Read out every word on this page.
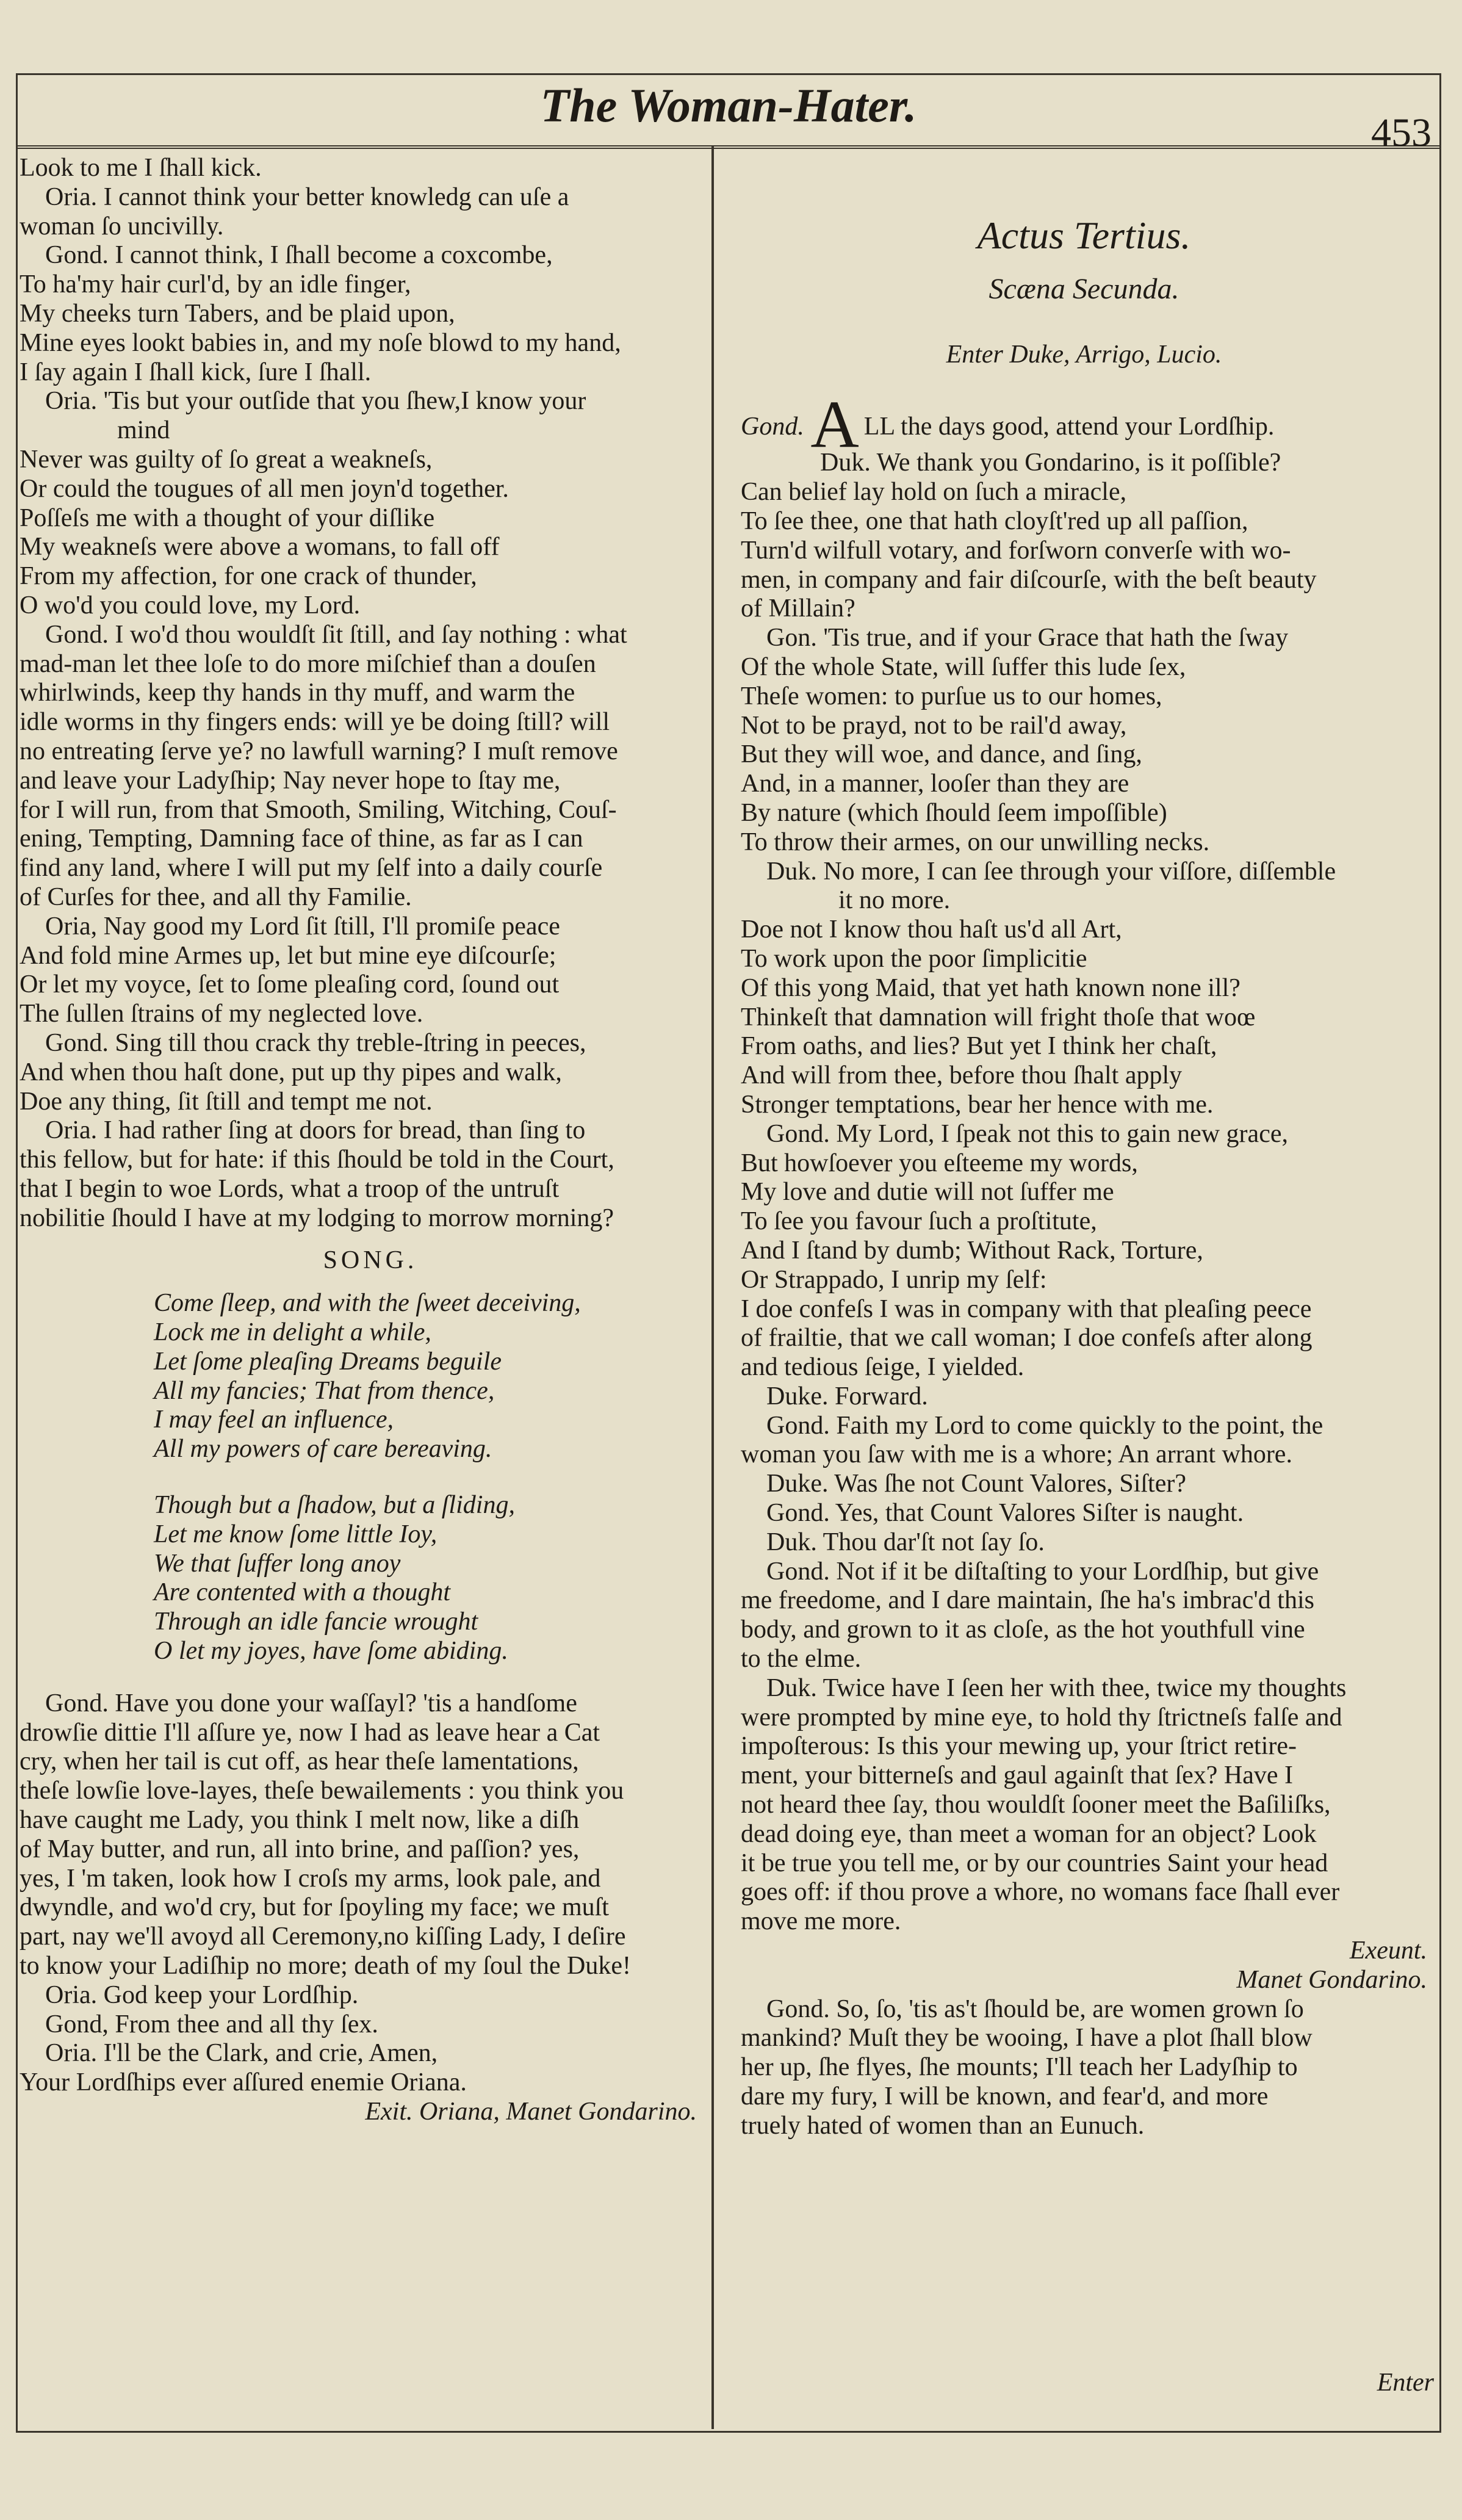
The Woman-Hater.
453
Look to me I ſhall kick.
Oria. I cannot think your better knowledg can uſe a
woman ſo uncivilly.
Gond. I cannot think, I ſhall become a coxcombe,
To ha'my hair curl'd, by an idle finger,
My cheeks turn Tabers, and be plaid upon,
Mine eyes lookt babies in, and my noſe blowd to my hand,
I ſay again I ſhall kick, ſure I ſhall.
Oria. 'Tis but your outſide that you ſhew,I know your
mind
Never was guilty of ſo great a weakneſs,
Or could the tougues of all men joyn'd together.
Poſſeſs me with a thought of your diſlike
My weakneſs were above a womans, to fall off
From my affection, for one crack of thunder,
O wo'd you could love, my Lord.
Gond. I wo'd thou wouldſt ſit ſtill, and ſay nothing : what
mad-man let thee loſe to do more miſchief than a douſen
whirlwinds, keep thy hands in thy muff, and warm the
idle worms in thy fingers ends: will ye be doing ſtill? will
no entreating ſerve ye? no lawfull warning? I muſt remove
and leave your Ladyſhip; Nay never hope to ſtay me,
for I will run, from that Smooth, Smiling, Witching, Couſ-
ening, Tempting, Damning face of thine, as far as I can
find any land, where I will put my ſelf into a daily courſe
of Curſes for thee, and all thy Familie.
Oria, Nay good my Lord ſit ſtill, I'll promiſe peace
And fold mine Armes up, let but mine eye diſcourſe;
Or let my voyce, ſet to ſome pleaſing cord, ſound out
The ſullen ſtrains of my neglected love.
Gond. Sing till thou crack thy treble-ſtring in peeces,
And when thou haſt done, put up thy pipes and walk,
Doe any thing, ſit ſtill and tempt me not.
Oria. I had rather ſing at doors for bread, than ſing to
this fellow, but for hate: if this ſhould be told in the Court,
that I begin to woe Lords, what a troop of the untruſt
nobilitie ſhould I have at my lodging to morrow morning?
SONG.
Come ſleep, and with the ſweet deceiving,
Lock me in delight a while,
Let ſome pleaſing Dreams beguile
All my fancies; That from thence,
I may feel an influence,
All my powers of care bereaving.
Though but a ſhadow, but a ſliding,
Let me know ſome little Ioy,
We that ſuffer long anoy
Are contented with a thought
Through an idle fancie wrought
O let my joyes, have ſome abiding.
Gond. Have you done your waſſayl? 'tis a handſome
drowſie dittie I'll aſſure ye, now I had as leave hear a Cat
cry, when her tail is cut off, as hear theſe lamentations,
theſe lowſie love-layes, theſe bewailements : you think you
have caught me Lady, you think I melt now, like a diſh
of May butter, and run, all into brine, and paſſion? yes,
yes, I 'm taken, look how I croſs my arms, look pale, and
dwyndle, and wo'd cry, but for ſpoyling my face; we muſt
part, nay we'll avoyd all Ceremony,no kiſſing Lady, I deſire
to know your Ladiſhip no more; death of my ſoul the Duke!
Oria. God keep your Lordſhip.
Gond, From thee and all thy ſex.
Oria. I'll be the Clark, and crie, Amen,
Your Lordſhips ever aſſured enemie Oriana.
Exit. Oriana, Manet Gondarino.
Actus Tertius.
Scæna Secunda.
Enter Duke, Arrigo, Lucio.
Gond. A LL the days good, attend your Lordſhip.
Duk. We thank you Gondarino, is it poſſible?
Can belief lay hold on ſuch a miracle,
To ſee thee, one that hath cloyſt'red up all paſſion,
Turn'd wilfull votary, and forſworn converſe with wo-
men, in company and fair diſcourſe, with the beſt beauty
of Millain?
Gon. 'Tis true, and if your Grace that hath the ſway
Of the whole State, will ſuffer this lude ſex,
Theſe women: to purſue us to our homes,
Not to be prayd, not to be rail'd away,
But they will woe, and dance, and ſing,
And, in a manner, looſer than they are
By nature (which ſhould ſeem impoſſible)
To throw their armes, on our unwilling necks.
Duk. No more, I can ſee through your viſſore, diſſemble
it no more.
Doe not I know thou haſt us'd all Art,
To work upon the poor ſimplicitie
Of this yong Maid, that yet hath known none ill?
Thinkeſt that damnation will fright thoſe that woœ
From oaths, and lies? But yet I think her chaſt,
And will from thee, before thou ſhalt apply
Stronger temptations, bear her hence with me.
Gond. My Lord, I ſpeak not this to gain new grace,
But howſoever you eſteeme my words,
My love and dutie will not ſuffer me
To ſee you favour ſuch a proſtitute,
And I ſtand by dumb; Without Rack, Torture,
Or Strappado, I unrip my ſelf:
I doe confeſs I was in company with that pleaſing peece
of frailtie, that we call woman; I doe confeſs after along
and tedious ſeige, I yielded.
Duke. Forward.
Gond. Faith my Lord to come quickly to the point, the
woman you ſaw with me is a whore; An arrant whore.
Duke. Was ſhe not Count Valores, Siſter?
Gond. Yes, that Count Valores Siſter is naught.
Duk. Thou dar'ſt not ſay ſo.
Gond. Not if it be diſtaſting to your Lordſhip, but give
me freedome, and I dare maintain, ſhe ha's imbrac'd this
body, and grown to it as cloſe, as the hot youthfull vine
to the elme.
Duk. Twice have I ſeen her with thee, twice my thoughts
were prompted by mine eye, to hold thy ſtrictneſs falſe and
impoſterous: Is this your mewing up, your ſtrict retire-
ment, your bitterneſs and gaul againſt that ſex? Have I
not heard thee ſay, thou wouldſt ſooner meet the Baſiliſks,
dead doing eye, than meet a woman for an object? Look
it be true you tell me, or by our countries Saint your head
goes off: if thou prove a whore, no womans face ſhall ever
move me more.
Exeunt.
Manet Gondarino.
Gond. So, ſo, 'tis as't ſhould be, are women grown ſo
mankind? Muſt they be wooing, I have a plot ſhall blow
her up, ſhe flyes, ſhe mounts; I'll teach her Ladyſhip to
dare my fury, I will be known, and fear'd, and more
truely hated of women than an Eunuch.
Enter
